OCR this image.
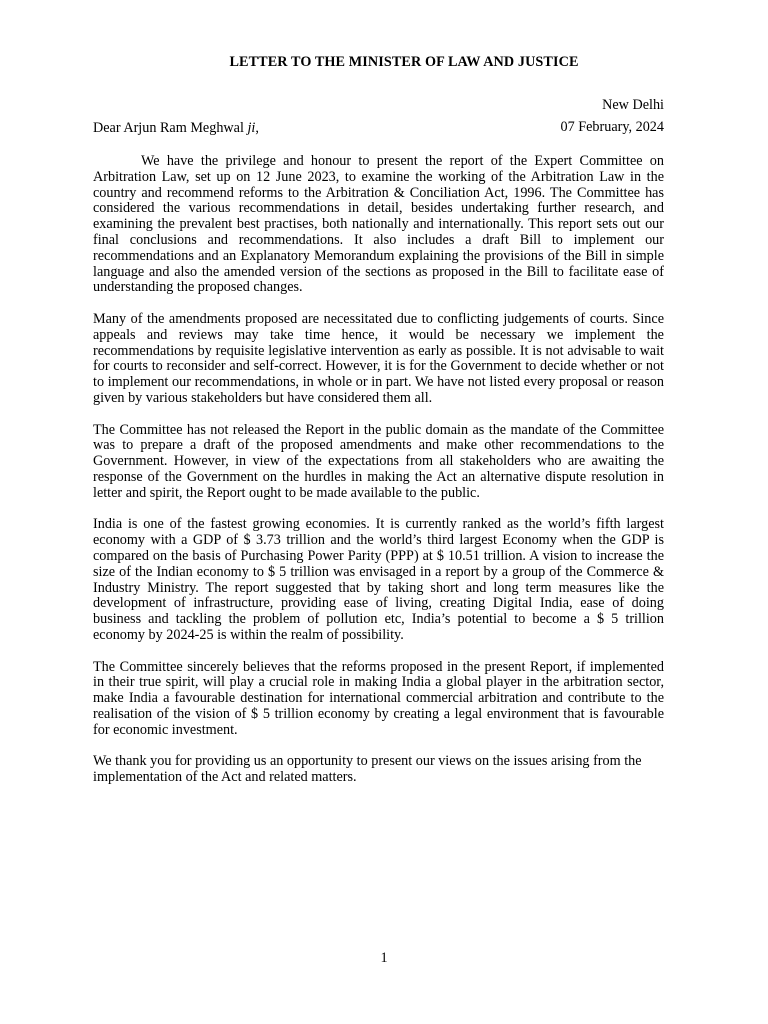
LETTER TO THE MINISTER OF LAW AND JUSTICE
New Delhi
07 February, 2024
Dear Arjun Ram Meghwal ji,

We have the privilege and honour to present the report of the Expert Committee on Arbitration Law, set up on 12 June 2023, to examine the working of the Arbitration Law in the country and recommend reforms to the Arbitration & Conciliation Act, 1996. The Committee has considered the various recommendations in detail, besides undertaking further research, and examining the prevalent best practises, both nationally and internationally. This report sets out our final conclusions and recommendations. It also includes a draft Bill to implement our recommendations and an Explanatory Memorandum explaining the provisions of the Bill in simple language and also the amended version of the sections as proposed in the Bill to facilitate ease of understanding the proposed changes.

Many of the amendments proposed are necessitated due to conflicting judgements of courts. Since appeals and reviews may take time hence, it would be necessary we implement the recommendations by requisite legislative intervention as early as possible. It is not advisable to wait for courts to reconsider and self-correct. However, it is for the Government to decide whether or not to implement our recommendations, in whole or in part. We have not listed every proposal or reason given by various stakeholders but have considered them all.

The Committee has not released the Report in the public domain as the mandate of the Committee was to prepare a draft of the proposed amendments and make other recommendations to the Government. However, in view of the expectations from all stakeholders who are awaiting the response of the Government on the hurdles in making the Act an alternative dispute resolution in letter and spirit, the Report ought to be made available to the public.

India is one of the fastest growing economies. It is currently ranked as the world’s fifth largest economy with a GDP of $ 3.73 trillion and the world’s third largest Economy when the GDP is compared on the basis of Purchasing Power Parity (PPP) at $ 10.51 trillion. A vision to increase the size of the Indian economy to $ 5 trillion was envisaged in a report by a group of the Commerce & Industry Ministry. The report suggested that by taking short and long term measures like the development of infrastructure, providing ease of living, creating Digital India, ease of doing business and tackling the problem of pollution etc, India’s potential to become a $ 5 trillion economy by 2024-25 is within the realm of possibility.

The Committee sincerely believes that the reforms proposed in the present Report, if implemented in their true spirit, will play a crucial role in making India a global player in the arbitration sector, make India a favourable destination for international commercial arbitration and contribute to the realisation of the vision of $ 5 trillion economy by creating a legal environment that is favourable for economic investment.

We thank you for providing us an opportunity to present our views on the issues arising from the implementation of the Act and related matters.

1
